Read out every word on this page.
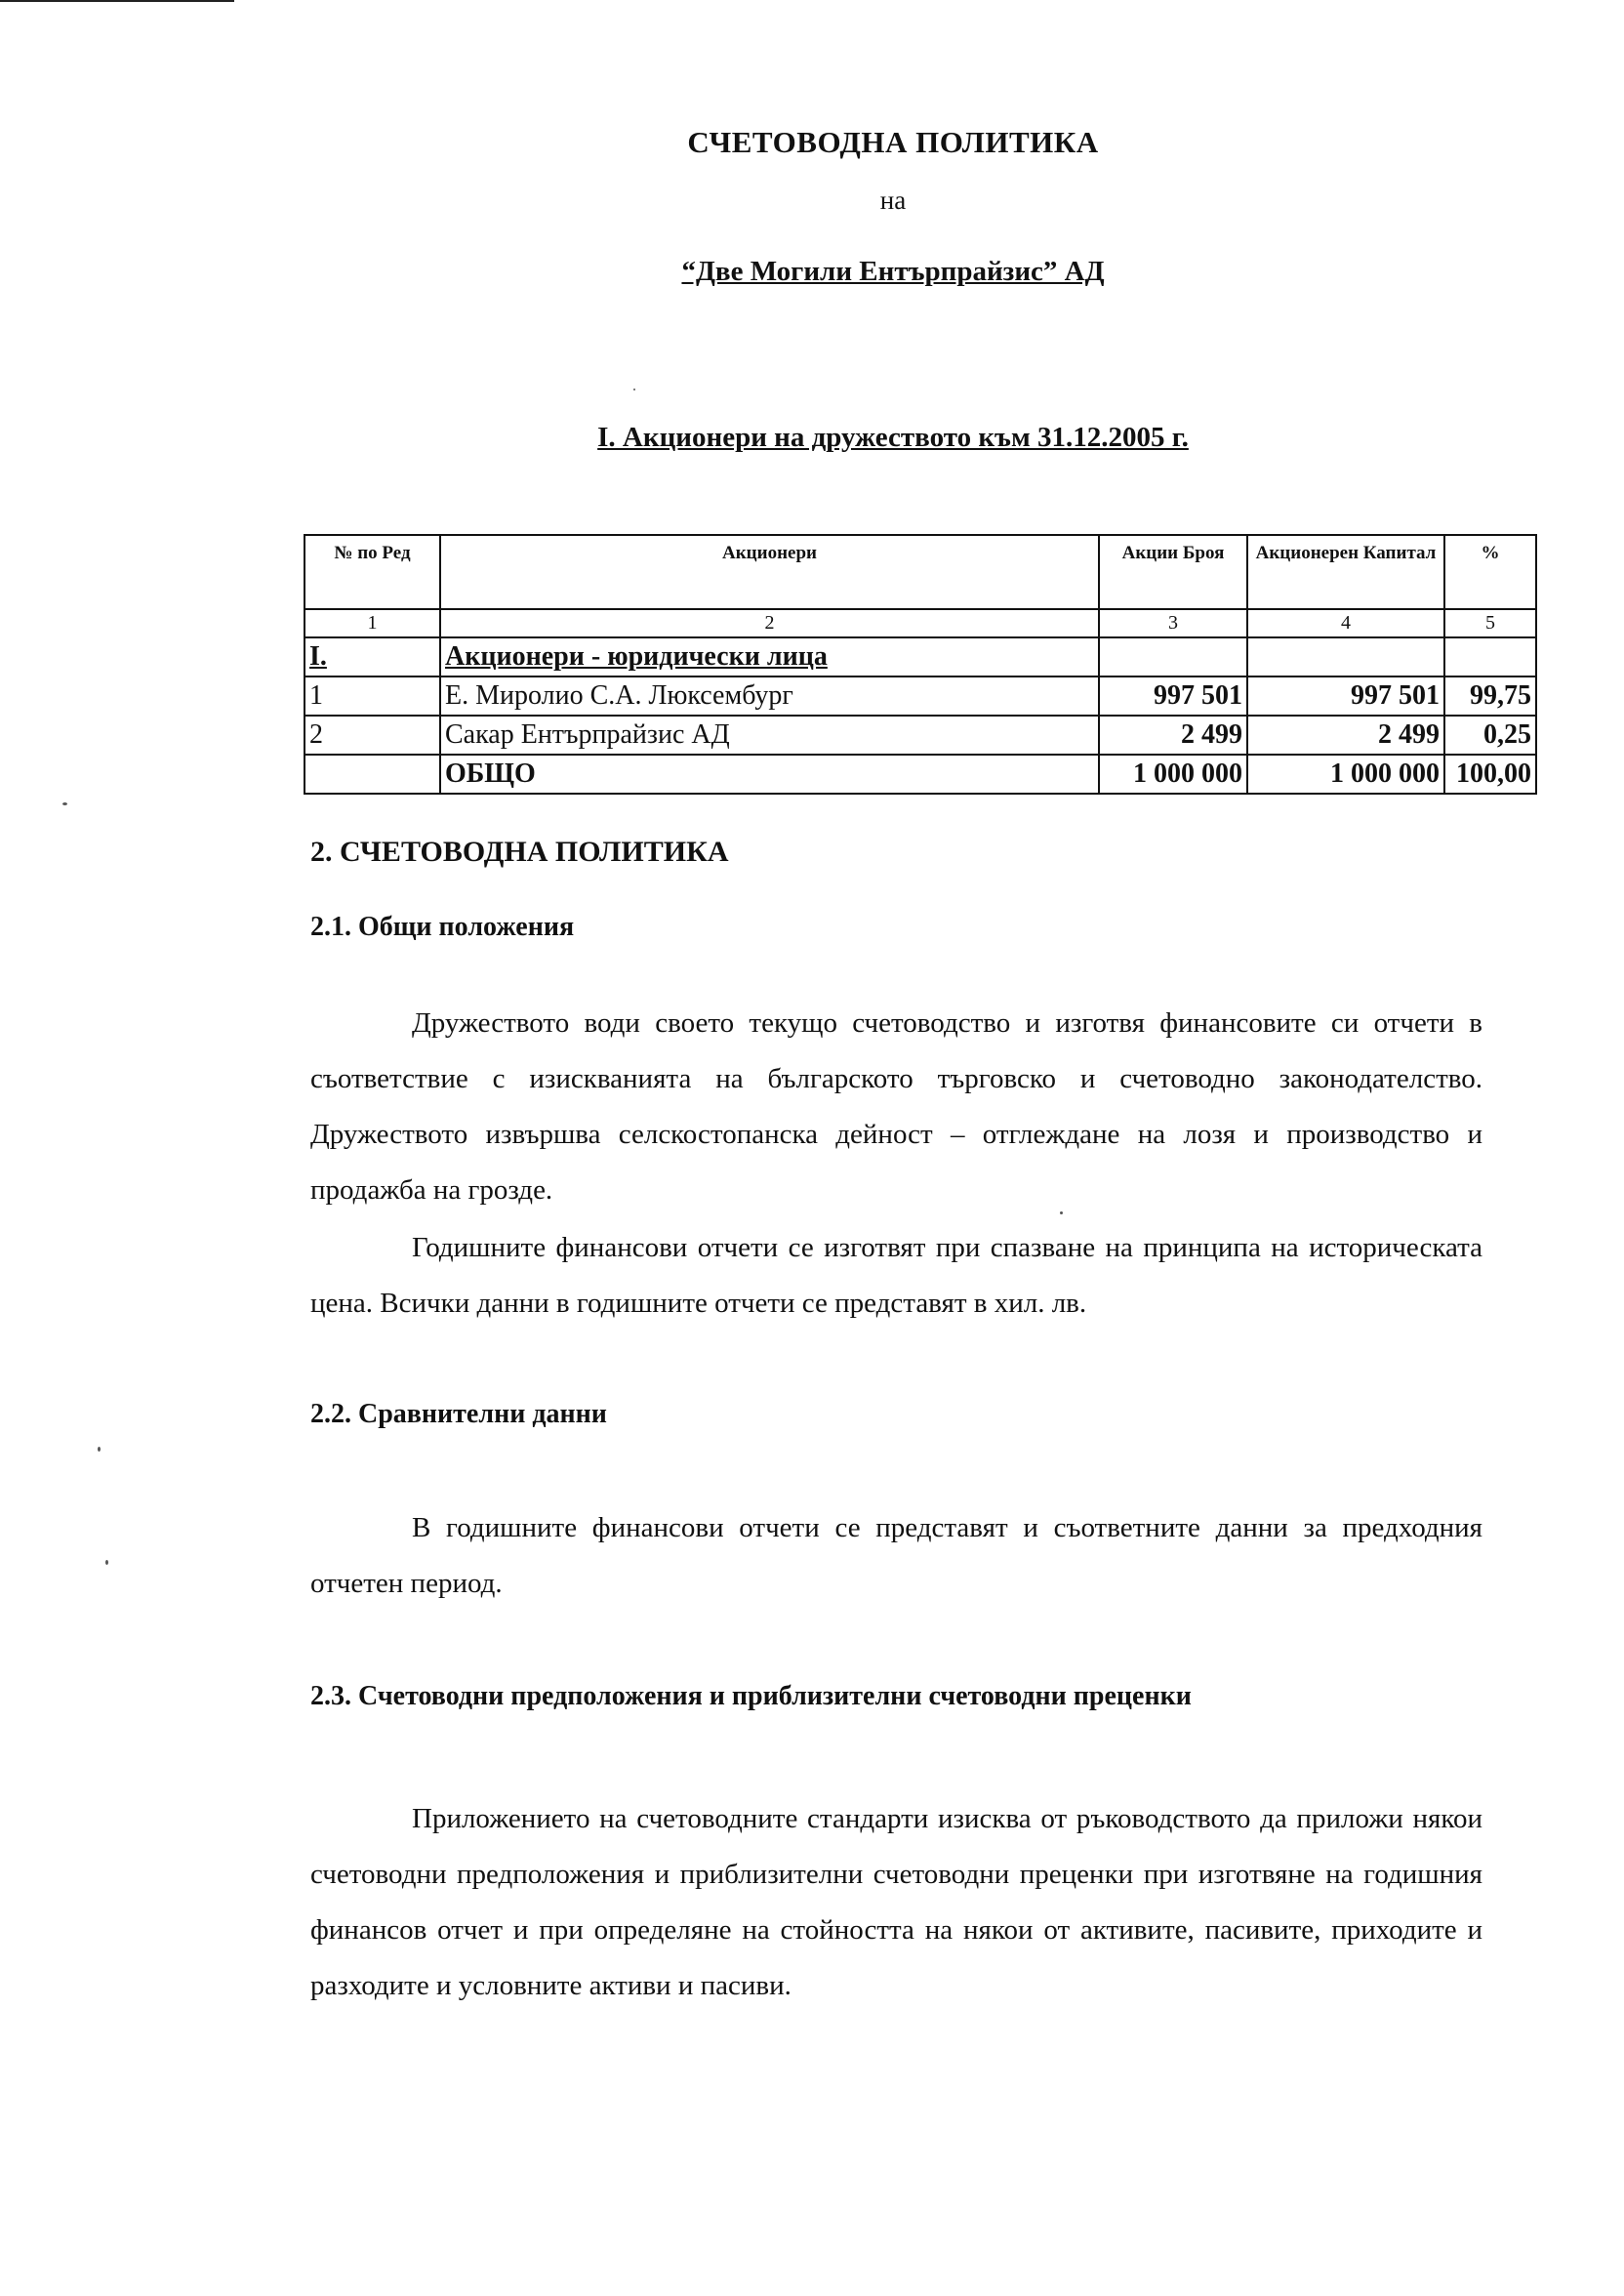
СЧЕТОВОДНА ПОЛИТИКА
на
“Две Могили Ентърпрайзис” АД
I. Акционери на дружеството към 31.12.2005 г.
№ по Ред	Акционери	Акции Броя	Акционерен Капитал	%
1	2	3	4	5
I.	Акционери - юридически лица			
1	Е. Миролио С.А. Люксембург	997 501	997 501	99,75
2	Сакар Ентърпрайзис АД	2 499	2 499	0,25
	ОБЩО	1 000 000	1 000 000	100,00
2. СЧЕТОВОДНА ПОЛИТИКА
2.1. Общи положения

Дружеството води своето текущо счетоводство и изготвя финансовите си отчети в съответствие с изискванията на българското търговско и счетоводно законодателство. Дружеството извършва селскостопанска дейност – отглеждане на лозя и производство и продажба на грозде.

Годишните финансови отчети се изготвят при спазване на принципа на историческата цена. Всички данни в годишните отчети се представят в хил. лв.

2.2. Сравнителни данни

В годишните финансови отчети се представят и съответните данни за предходния отчетен период.

2.3. Счетоводни предположения и приблизителни счетоводни преценки

Приложението на счетоводните стандарти изисква от ръководството да приложи някои счетоводни предположения и приблизителни счетоводни преценки при изготвяне на годишния финансов отчет и при определяне на стойността на някои от активите, пасивите, приходите и разходите и условните активи и пасиви.
